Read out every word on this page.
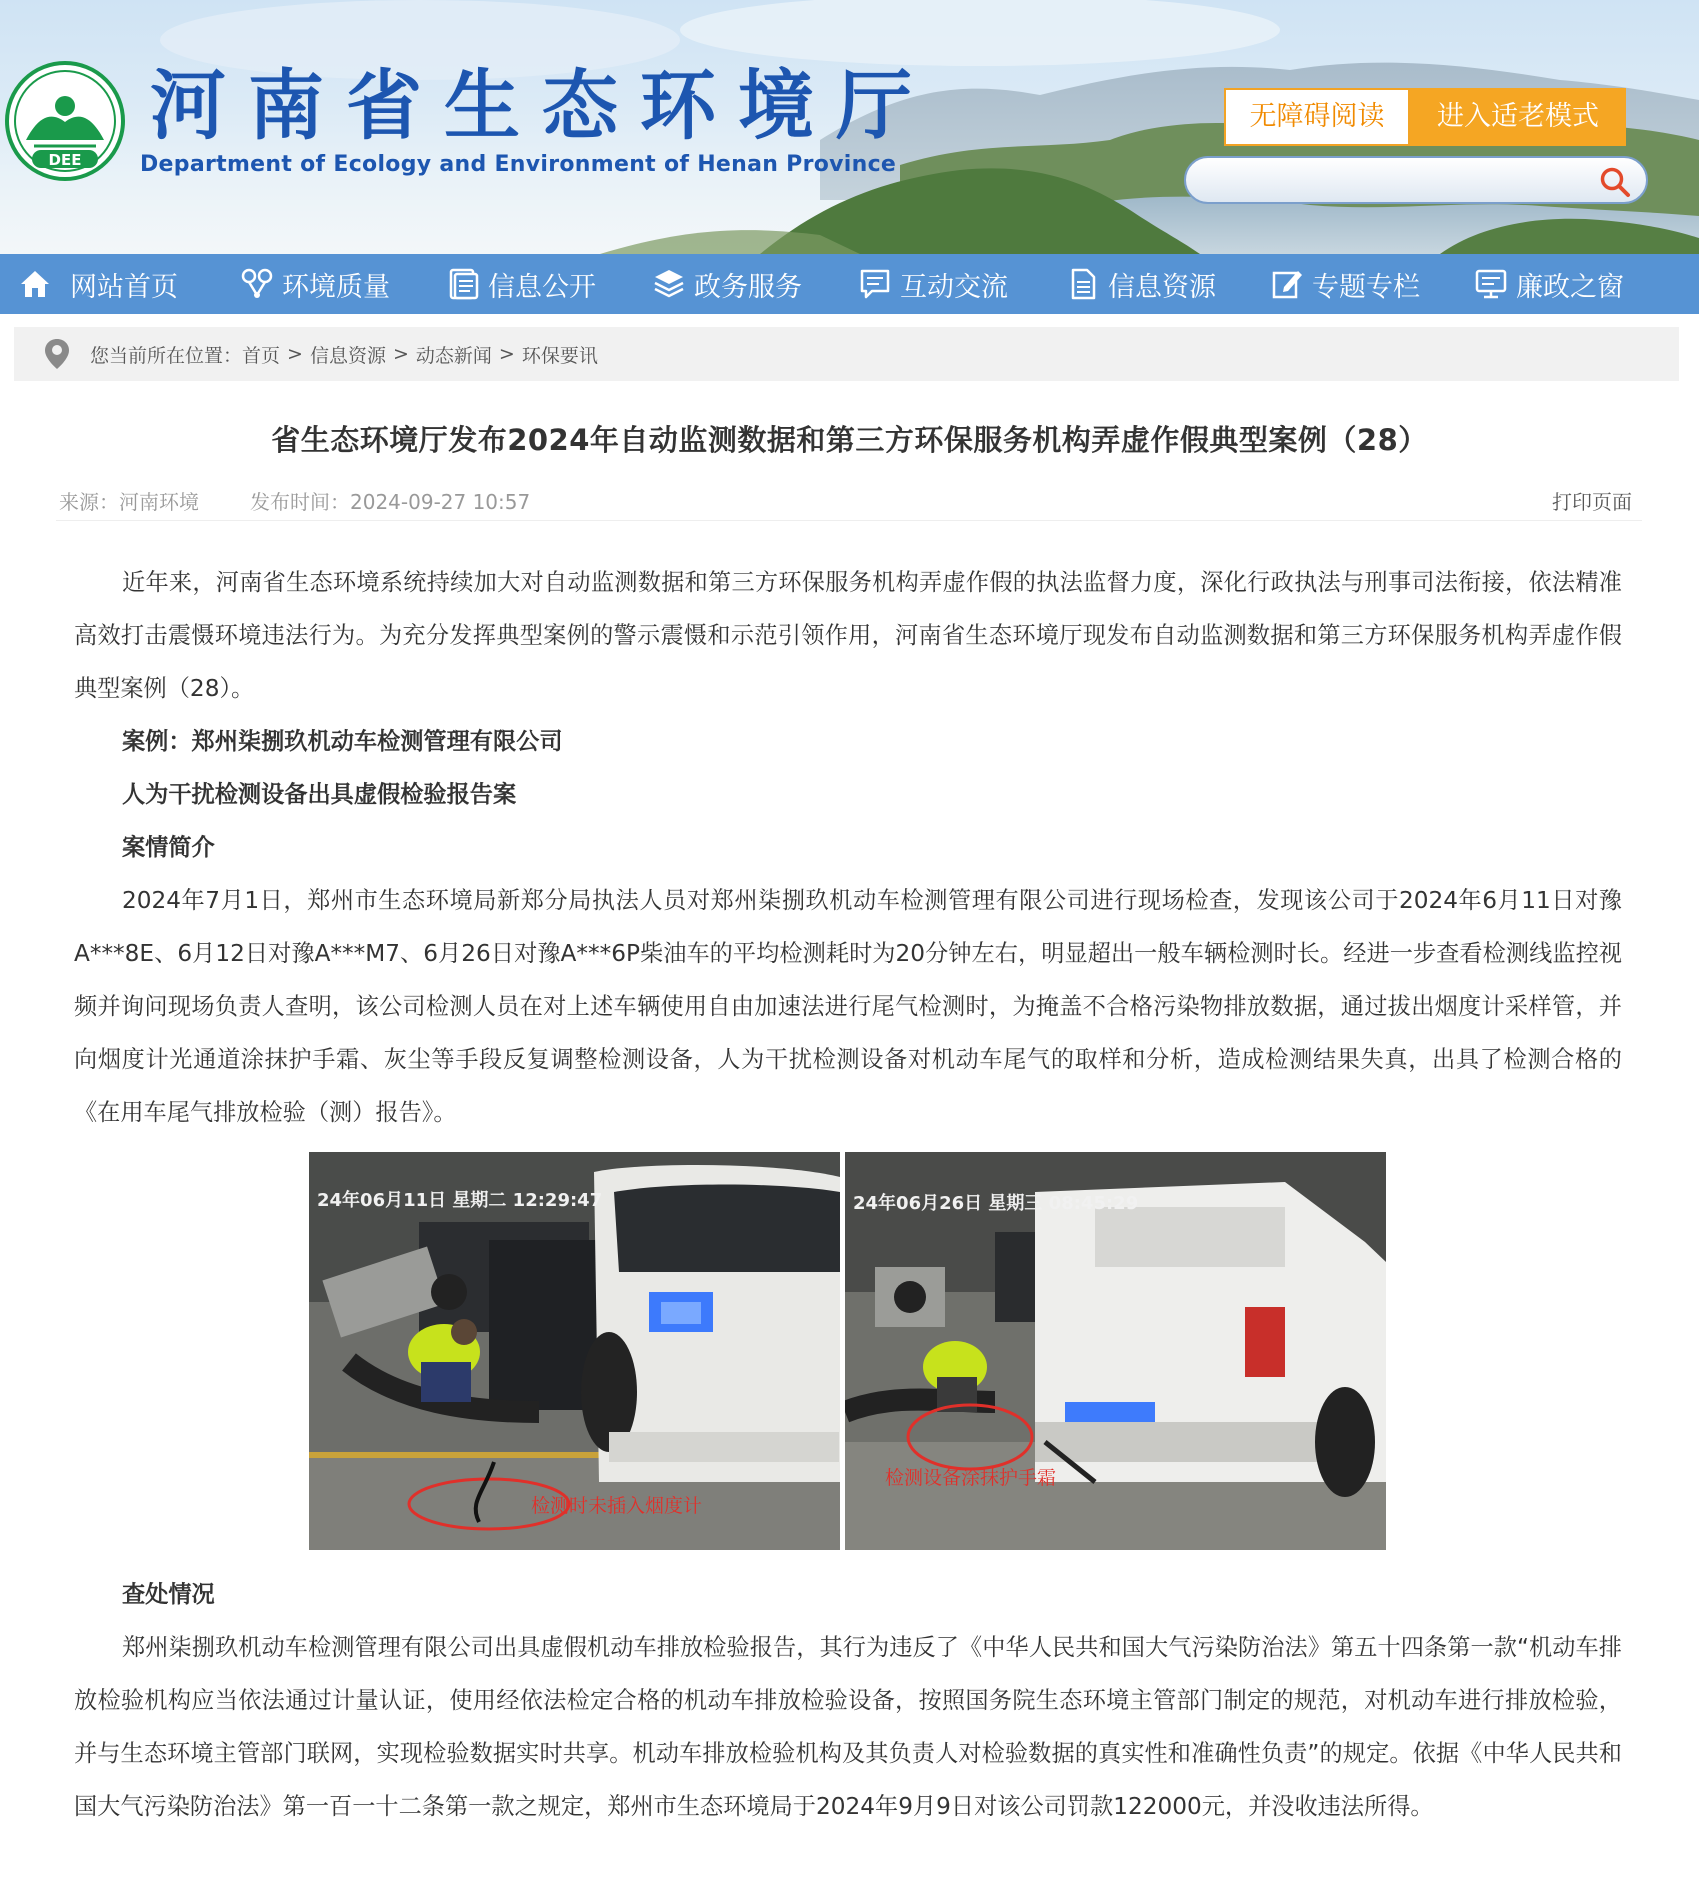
DEE
河南省生态环境厅
Department of Ecology and Environment of Henan Province
无障碍阅读	进入适老模式
网站首页	环境质量	信息公开	政务服务	互动交流	信息资源	专题专栏	廉政之窗
您当前所在位置： 首页 > 信息资源 > 动态新闻 > 环保要讯
省生态环境厅发布2024年自动监测数据和第三方环保服务机构弄虚作假典型案例（28）
来源：河南环境	发布时间：2024-09-27 10:57	打印页面

近年来，河南省生态环境系统持续加大对自动监测数据和第三方环保服务机构弄虚作假的执法监督力度，深化行政执法与刑事司法衔接，依法精准高效打击震慑环境违法行为。为充分发挥典型案例的警示震慑和示范引领作用，河南省生态环境厅现发布自动监测数据和第三方环保服务机构弄虚作假典型案例（28）。

案例：郑州柒捌玖机动车检测管理有限公司

人为干扰检测设备出具虚假检验报告案

案情简介

2024年7月1日，郑州市生态环境局新郑分局执法人员对郑州柒捌玖机动车检测管理有限公司进行现场检查，发现该公司于2024年6月11日对豫A***8E、6月12日对豫A***M7、6月26日对豫A***6P柴油车的平均检测耗时为20分钟左右，明显超出一般车辆检测时长。经进一步查看检测线监控视频并询问现场负责人查明，该公司检测人员在对上述车辆使用自由加速法进行尾气检测时，为掩盖不合格污染物排放数据，通过拔出烟度计采样管，并向烟度计光通道涂抹护手霜、灰尘等手段反复调整检测设备，人为干扰检测设备对机动车尾气的取样和分析，造成检测结果失真，出具了检测合格的《在用车尾气排放检验（测）报告》。

24年06月11日 星期二 12:29:47
检测时未插入烟度计
24年06月26日 星期三 08:45:29
检测设备涂抹护手霜

查处情况

郑州柒捌玖机动车检测管理有限公司出具虚假机动车排放检验报告，其行为违反了《中华人民共和国大气污染防治法》第五十四条第一款“机动车排放检验机构应当依法通过计量认证，使用经依法检定合格的机动车排放检验设备，按照国务院生态环境主管部门制定的规范，对机动车进行排放检验，并与生态环境主管部门联网，实现检验数据实时共享。机动车排放检验机构及其负责人对检验数据的真实性和准确性负责”的规定。依据《中华人民共和国大气污染防治法》第一百一十二条第一款之规定，郑州市生态环境局于2024年9月9日对该公司罚款122000元，并没收违法所得。
